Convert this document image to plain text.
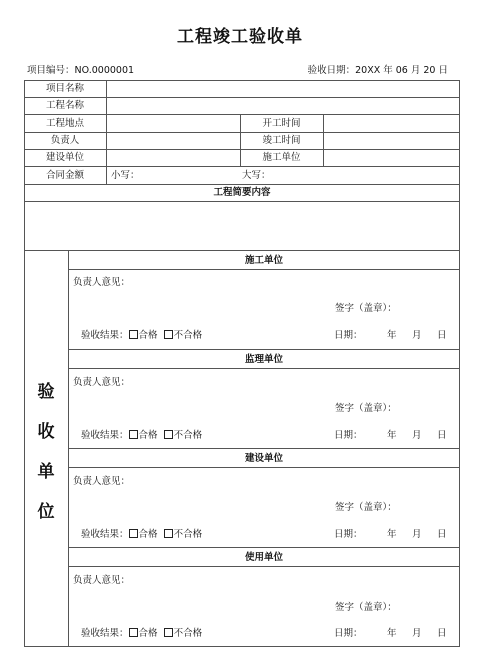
工程竣工验收单
项目编号：NO.0000001	验收日期：20XX 年 06 月 20 日
项目名称
工程名称
工程地点	开工时间
负责人	竣工时间
建设单位	施工单位
合同金额	小写：	大写：
工程简要内容
验
收
单
位
施工单位
负责人意见：
签字（盖章）：
验收结果： 合格 不合格	日期：	年 月 日
监理单位
负责人意见：
签字（盖章）：
验收结果： 合格 不合格	日期：	年 月 日
建设单位
负责人意见：
签字（盖章）：
验收结果： 合格 不合格	日期：	年 月 日
使用单位
负责人意见：
签字（盖章）：
验收结果： 合格 不合格	日期：	年 月 日
